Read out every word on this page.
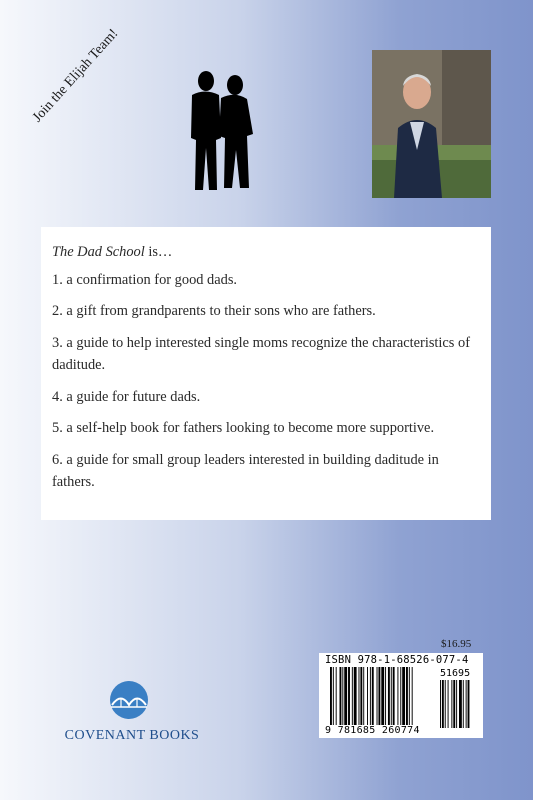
Join the Elijah Team!

The Dad School is…

1. a confirmation for good dads.

2. a gift from grandparents to their sons who are fathers.

3. a guide to help interested single moms recognize the characteristics of daditude.

4. a guide for future dads.

5. a self-help book for fathers looking to become more supportive.

6. a guide for small group leaders interested in building daditude in fathers.

COVENANT BOOKS
$16.95
ISBN 978-1-68526-077-4
51695
9 781685 260774
